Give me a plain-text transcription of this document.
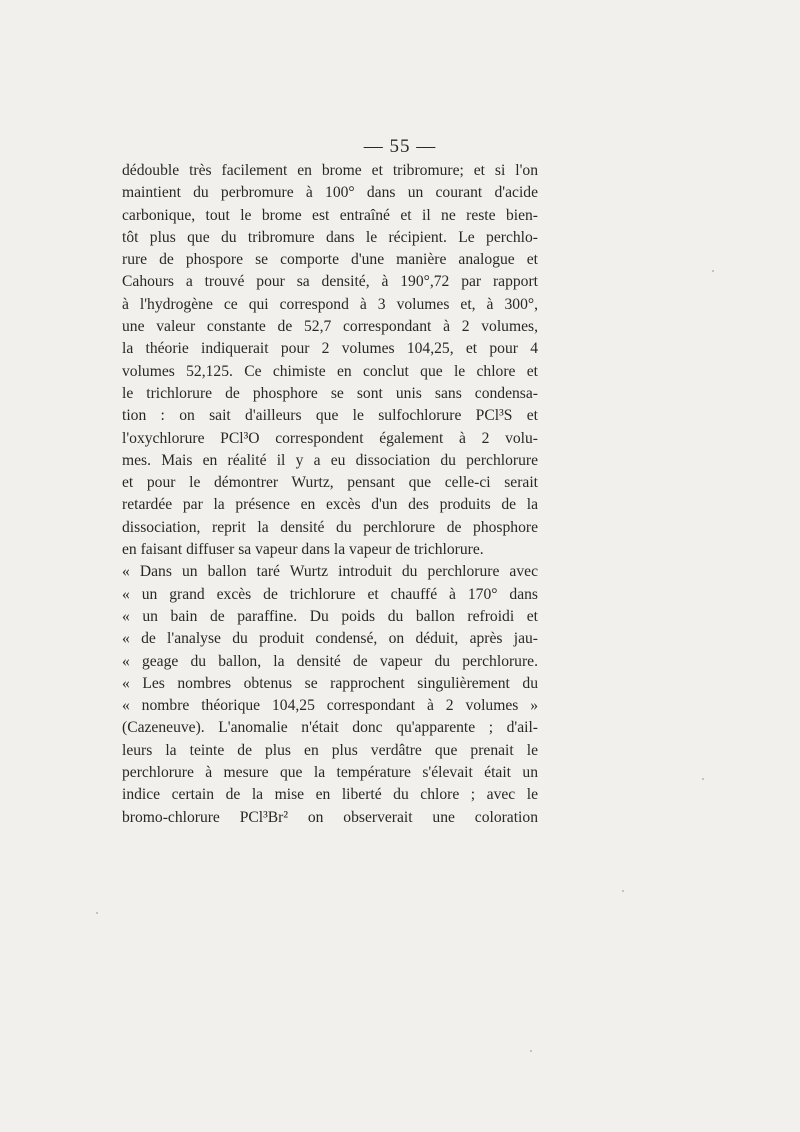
— 55 —
dédouble très facilement en brome et tribromure; et si l'on
maintient du perbromure à 100° dans un courant d'acide
carbonique, tout le brome est entraîné et il ne reste bien-
tôt plus que du tribromure dans le récipient. Le perchlo-
rure de phospore se comporte d'une manière analogue et
Cahours a trouvé pour sa densité, à 190°,72 par rapport
à l'hydrogène ce qui correspond à 3 volumes et, à 300°,
une valeur constante de 52,7 correspondant à 2 volumes,
la théorie indiquerait pour 2 volumes 104,25, et pour 4
volumes 52,125. Ce chimiste en conclut que le chlore et
le trichlorure de phosphore se sont unis sans condensa-
tion : on sait d'ailleurs que le sulfochlorure PCl³S et
l'oxychlorure PCl³O correspondent également à 2 volu-
mes. Mais en réalité il y a eu dissociation du perchlorure
et pour le démontrer Wurtz, pensant que celle-ci serait
retardée par la présence en excès d'un des produits de la
dissociation, reprit la densité du perchlorure de phosphore
en faisant diffuser sa vapeur dans la vapeur de trichlorure.
« Dans un ballon taré Wurtz introduit du perchlorure avec
« un grand excès de trichlorure et chauffé à 170° dans
« un bain de paraffine. Du poids du ballon refroidi et
« de l'analyse du produit condensé, on déduit, après jau-
« geage du ballon, la densité de vapeur du perchlorure.
« Les nombres obtenus se rapprochent singulièrement du
« nombre théorique 104,25 correspondant à 2 volumes »
(Cazeneuve). L'anomalie n'était donc qu'apparente ; d'ail-
leurs la teinte de plus en plus verdâtre que prenait le
perchlorure à mesure que la température s'élevait était un
indice certain de la mise en liberté du chlore ; avec le
bromo-chlorure PCl³Br² on observerait une coloration
